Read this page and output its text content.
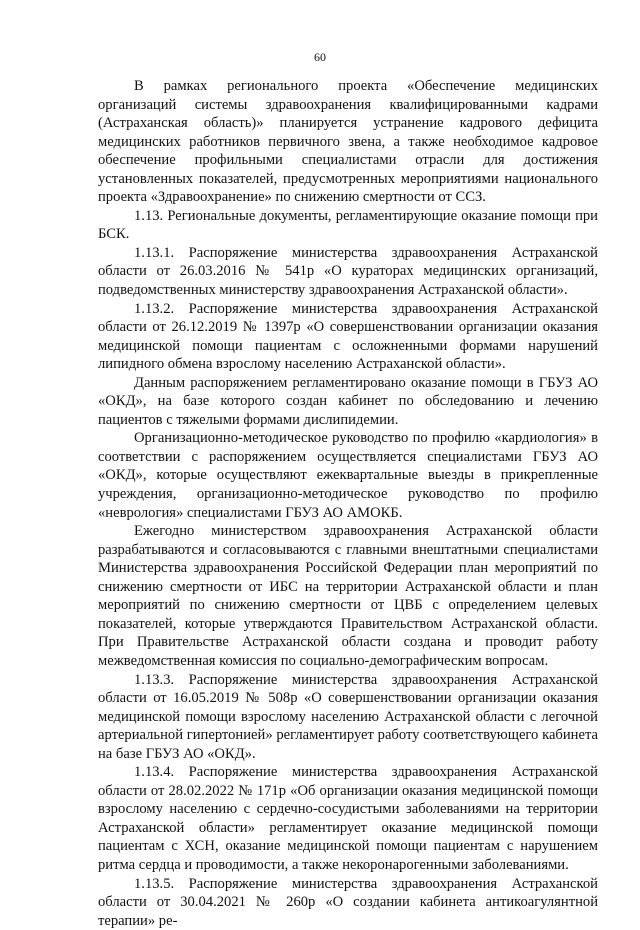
60

В рамках регионального проекта «Обеспечение медицинских организаций системы здравоохранения квалифицированными кадрами (Астраханская область)» планируется устранение кадрового дефицита медицинских работников первичного звена, а также необходимое кадровое обеспечение профильными специалистами отрасли для достижения установленных показателей, предусмотренных мероприятиями национального проекта «Здравоохранение» по снижению смертности от ССЗ.

1.13. Региональные документы, регламентирующие оказание помощи при БСК.

1.13.1. Распоряжение министерства здравоохранения Астраханской области от 26.03.2016 № 541р «О кураторах медицинских организаций, подведомственных министерству здравоохранения Астраханской области».

1.13.2. Распоряжение министерства здравоохранения Астраханской области от 26.12.2019 № 1397р «О совершенствовании организации оказания медицинской помощи пациентам с осложненными формами нарушений липидного обмена взрослому населению Астраханской области».

Данным распоряжением регламентировано оказание помощи в ГБУЗ АО «ОКД», на базе которого создан кабинет по обследованию и лечению пациентов с тяжелыми формами дислипидемии.

Организационно-методическое руководство по профилю «кардиология» в соответствии с распоряжением осуществляется специалистами ГБУЗ АО «ОКД», которые осуществляют ежеквартальные выезды в прикрепленные учреждения, организационно-методическое руководство по профилю «неврология» специалистами ГБУЗ АО АМОКБ.

Ежегодно министерством здравоохранения Астраханской области разрабатываются и согласовываются с главными внештатными специалистами Министерства здравоохранения Российской Федерации план мероприятий по снижению смертности от ИБС на территории Астраханской области и план мероприятий по снижению смертности от ЦВБ с определением целевых показателей, которые утверждаются Правительством Астраханской области. При Правительстве Астраханской области создана и проводит работу межведомственная комиссия по социально-демографическим вопросам.

1.13.3. Распоряжение министерства здравоохранения Астраханской области от 16.05.2019 № 508р «О совершенствовании организации оказания медицинской помощи взрослому населению Астраханской области с легочной артериальной гипертонией» регламентирует работу соответствующего кабинета на базе ГБУЗ АО «ОКД».

1.13.4. Распоряжение министерства здравоохранения Астраханской области от 28.02.2022 № 171р «Об организации оказания медицинской помощи взрослому населению с сердечно-сосудистыми заболеваниями на территории Астраханской области» регламентирует оказание медицинской помощи пациентам с ХСН, оказание медицинской помощи пациентам с нарушением ритма сердца и проводимости, а также некоронарогенными заболеваниями.

1.13.5. Распоряжение министерства здравоохранения Астраханской области от 30.04.2021 № 260р «О создании кабинета антикоагулянтной терапии» ре-
